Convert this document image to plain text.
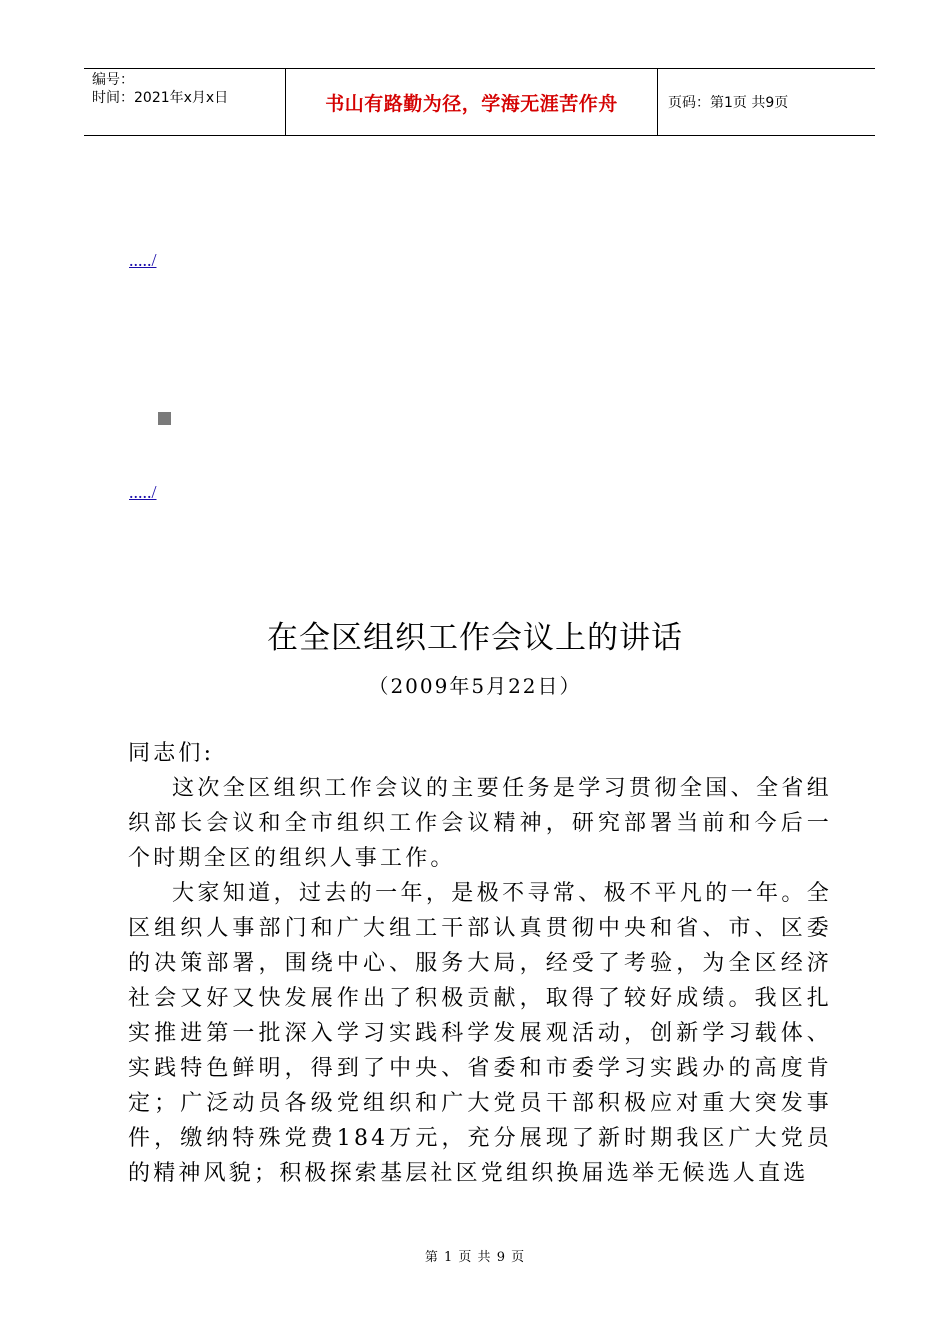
编号：
时间：2021年x月x日	书山有路勤为径，学海无涯苦作舟	页码：第1页 共9页
...../
...../
在全区组织工作会议上的讲话
（2009年5月22日）

同志们:

这次全区组织工作会议的主要任务是学习贯彻全国、全省组织部长会议和全市组织工作会议精神，研究部署当前和今后一个时期全区的组织人事工作。

大家知道，过去的一年，是极不寻常、极不平凡的一年。全区组织人事部门和广大组工干部认真贯彻中央和省、市、区委的决策部署，围绕中心、服务大局，经受了考验，为全区经济社会又好又快发展作出了积极贡献，取得了较好成绩。我区扎实推进第一批深入学习实践科学发展观活动，创新学习载体、实践特色鲜明，得到了中央、省委和市委学习实践办的高度肯定；广泛动员各级党组织和广大党员干部积极应对重大突发事件，缴纳特殊党费184万元，充分展现了新时期我区广大党员的精神风貌；积极探索基层社区党组织换届选举无候选人直选

第 1 页 共 9 页
